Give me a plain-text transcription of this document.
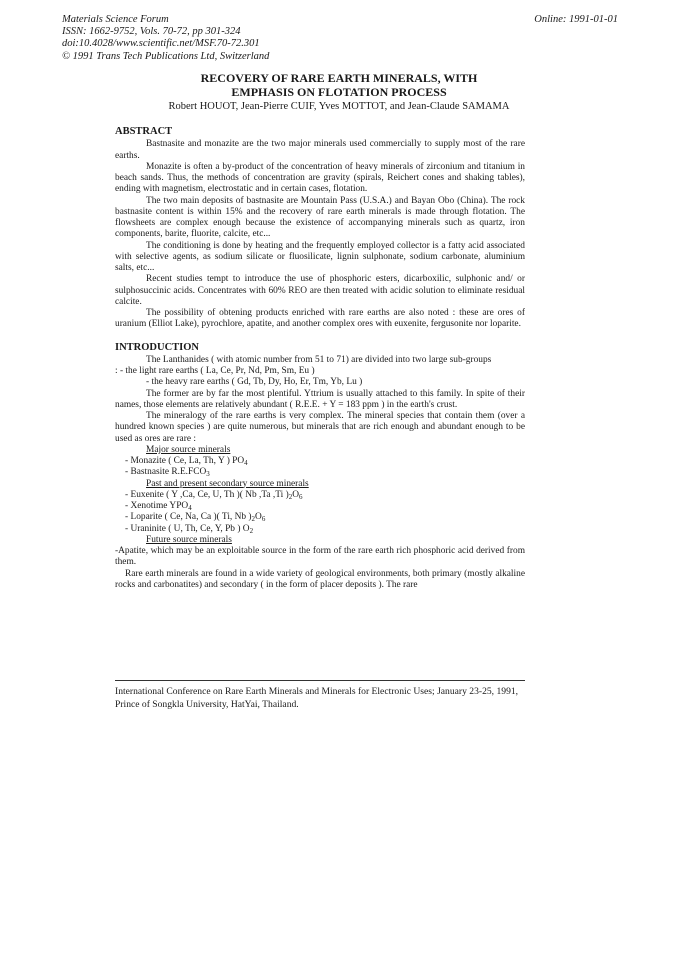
Materials Science Forum
ISSN: 1662-9752, Vols. 70-72, pp 301-324
doi:10.4028/www.scientific.net/MSF.70-72.301
© 1991 Trans Tech Publications Ltd, Switzerland
Online: 1991-01-01
RECOVERY OF RARE EARTH MINERALS, WITH
EMPHASIS ON FLOTATION PROCESS
Robert HOUOT, Jean-Pierre CUIF, Yves MOTTOT, and Jean-Claude SAMAMA
ABSTRACT

Bastnasite and monazite are the two major minerals used commercially to supply most of the rare earths.

Monazite is often a by-product of the concentration of heavy minerals of zirconium and titanium in beach sands. Thus, the methods of concentration are gravity (spirals, Reichert cones and shaking tables), ending with magnetism, electrostatic and in certain cases, flotation.

The two main deposits of bastnasite are Mountain Pass (U.S.A.) and Bayan Obo (China). The rock bastnasite content is within 15% and the recovery of rare earth minerals is made through flotation. The flowsheets are complex enough because the existence of accompanying minerals such as quartz, iron components, barite, fluorite, calcite, etc...

The conditioning is done by heating and the frequently employed collector is a fatty acid associated with selective agents, as sodium silicate or fluosilicate, lignin sulphonate, sodium carbonate, aluminium salts, etc...

Recent studies tempt to introduce the use of phosphoric esters, dicarboxilic, sulphonic and/ or sulphosuccinic acids. Concentrates with 60% REO are then treated with acidic solution to eliminate residual calcite.

The possibility of obtening products enriched with rare earths are also noted : these are ores of uranium (Elliot Lake), pyrochlore, apatite, and another complex ores with euxenite, fergusonite nor loparite.

INTRODUCTION

The Lanthanides ( with atomic number from 51 to 71) are divided into two large sub-groups

: - the light rare earths ( La, Ce, Pr, Nd, Pm, Sm, Eu )

- the heavy rare earths ( Gd, Tb, Dy, Ho, Er, Tm, Yb, Lu )

The former are by far the most plentiful. Yttrium is usually attached to this family. In spite of their names, those elements are relatively abundant ( R.E.E. + Y = 183 ppm ) in the earth's crust.

The mineralogy of the rare earths is very complex. The mineral species that contain them (over a hundred known species ) are quite numerous, but minerals that are rich enough and abundant enough to be used as ores are rare :

Major source minerals

- Monazite ( Ce, La, Th, Y ) $PO_4$

- Bastnasite $R.E.FCO_3$

Past and present secondary source minerals

- Euxenite ( Y ,Ca, Ce, U, Th )( Nb ,Ta ,Ti )$_2O_6$

- Xenotime $YPO_4$

- Loparite ( Ce, Na, Ca )( Ti, Nb )$_2O_6$

- Uraninite ( U, Th, Ce, Y, Pb ) $O_2$

Future source minerals

-Apatite, which may be an exploitable source in the form of the rare earth rich phosphoric acid derived from them.

Rare earth minerals are found in a wide variety of geological environments, both primary (mostly alkaline rocks and carbonatites) and secondary ( in the form of placer deposits ). The rare

International Conference on Rare Earth Minerals and Minerals for Electronic Uses; January 23-25, 1991, Prince of Songkla University, HatYai, Thailand.
